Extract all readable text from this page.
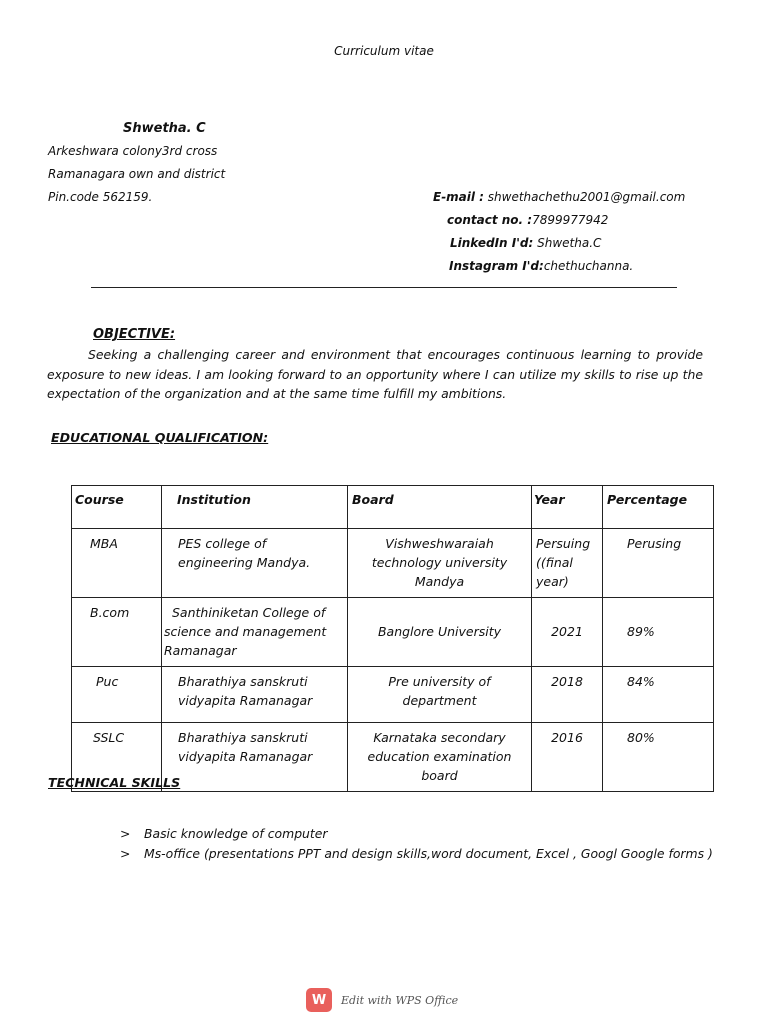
Curriculum vitae
Shwetha. C
Arkeshwara colony3rd cross
Ramanagara own and district
Pin.code 562159.	E-mail : shwethachethu2001@gmail.com
contact no. :7899977942
LinkedIn I'd: Shwetha.C
Instagram I'd:chethuchanna.
OBJECTIVE:
Seeking a challenging career and environment that encourages continuous learning to provide exposure to new ideas. I am looking forward to an opportunity where I can utilize my skills to rise up the expectation of the organization and at the same time fulfill my ambitions.
EDUCATIONAL QUALIFICATION:
Course	Institution	Board	Year	Percentage
MBA	PES college of engineering Mandya.	Vishweshwaraiah technology university Mandya	Persuing ((final year)	Perusing
B.com	Santhiniketan College of science and management Ramanagar	Banglore University	2021	89%
Puc	Bharathiya sanskruti vidyapita Ramanagar	Pre university of department	2018	84%
SSLC	Bharathiya sanskruti vidyapita Ramanagar	Karnataka secondary education examination board	2016	80%
TECHNICAL SKILLS
> Basic knowledge of computer
> Ms-office (presentations PPT and design skills,word document, Excel , Googl Google forms )
W	Edit with WPS Office
